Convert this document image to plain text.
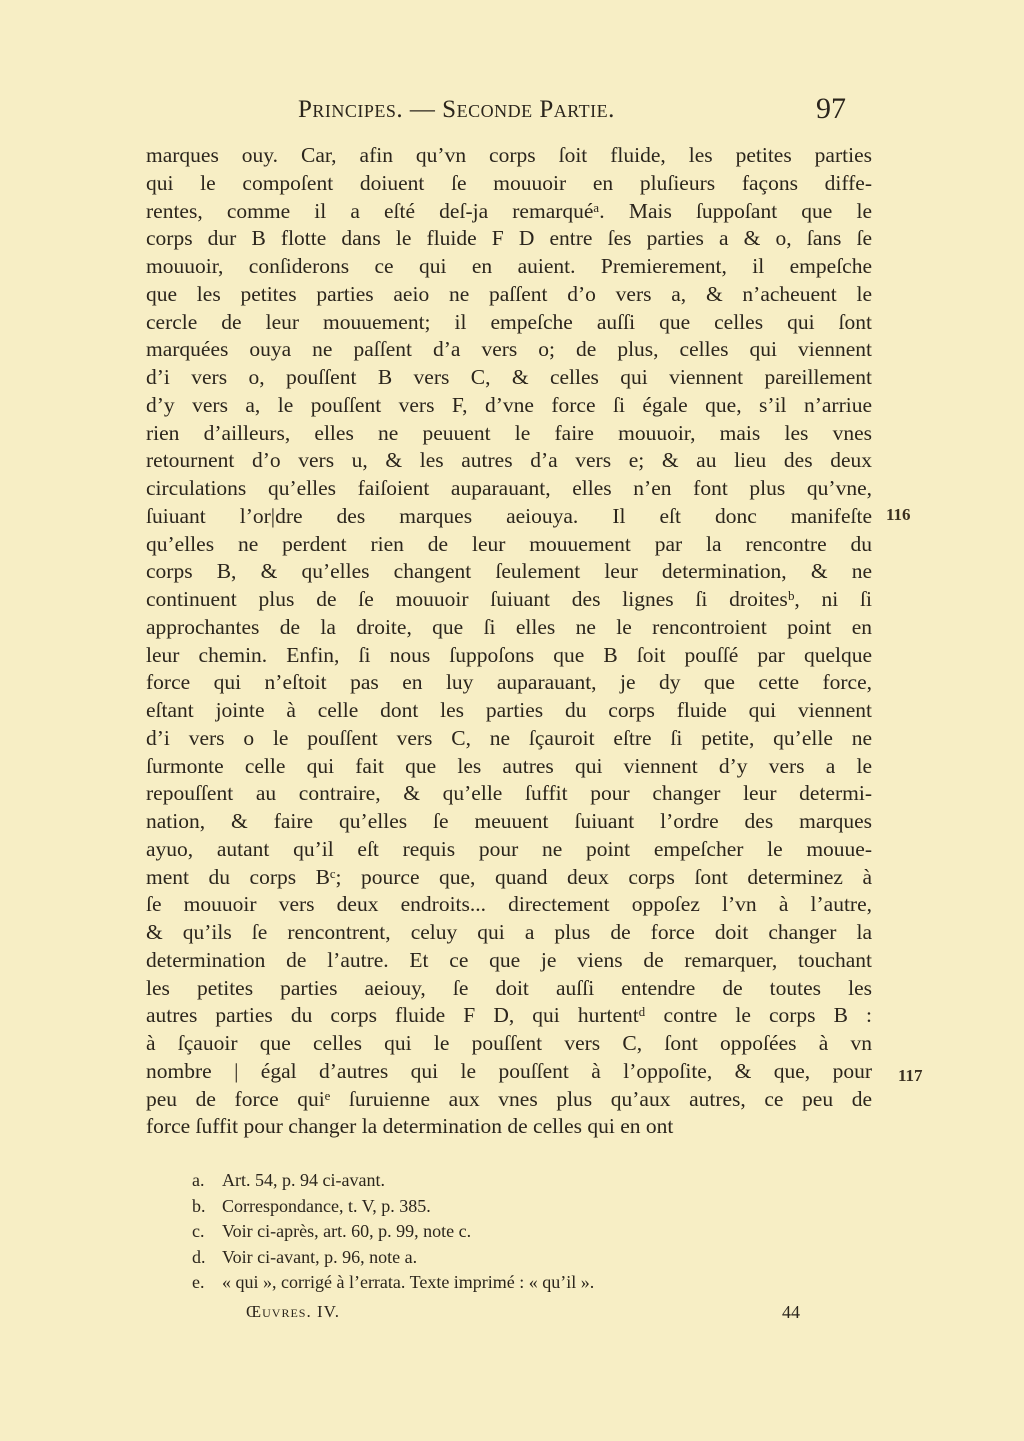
Principes. — Seconde Partie.	97
marques ouy. Car, afin qu’vn corps ſoit fluide, les petites parties
qui le compoſent doiuent ſe mouuoir en pluſieurs façons diffe-
rentes, comme il a eſté deſ-ja remarquéᵃ. Mais ſuppoſant que le
corps dur B flotte dans le fluide F D entre ſes parties a & o, ſans ſe
mouuoir, conſiderons ce qui en auient. Premierement, il empeſche
que les petites parties aeio ne paſſent d’o vers a, & n’acheuent le
cercle de leur mouuement; il empeſche auſſi que celles qui ſont
marquées ouya ne paſſent d’a vers o; de plus, celles qui viennent
d’i vers o, pouſſent B vers C, & celles qui viennent pareillement
d’y vers a, le pouſſent vers F, d’vne force ſi égale que, s’il n’arriue
rien d’ailleurs, elles ne peuuent le faire mouuoir, mais les vnes
retournent d’o vers u, & les autres d’a vers e; & au lieu des deux
circulations qu’elles faiſoient auparauant, elles n’en font plus qu’vne,
ſuiuant l’or|dre des marques aeiouya. Il eſt donc manifeſte
qu’elles ne perdent rien de leur mouuement par la rencontre du
corps B, & qu’elles changent ſeulement leur determination, & ne
continuent plus de ſe mouuoir ſuiuant des lignes ſi droitesᵇ, ni ſi
approchantes de la droite, que ſi elles ne le rencontroient point en
leur chemin. Enfin, ſi nous ſuppoſons que B ſoit pouſſé par quelque
force qui n’eſtoit pas en luy auparauant, je dy que cette force,
eſtant jointe à celle dont les parties du corps fluide qui viennent
d’i vers o le pouſſent vers C, ne ſçauroit eſtre ſi petite, qu’elle ne
ſurmonte celle qui fait que les autres qui viennent d’y vers a le
repouſſent au contraire, & qu’elle ſuffit pour changer leur determi-
nation, & faire qu’elles ſe meuuent ſuiuant l’ordre des marques
ayuo, autant qu’il eſt requis pour ne point empeſcher le mouue-
ment du corps Bᶜ; pource que, quand deux corps ſont determinez à
ſe mouuoir vers deux endroits... directement oppoſez l’vn à l’autre,
& qu’ils ſe rencontrent, celuy qui a plus de force doit changer la
determination de l’autre. Et ce que je viens de remarquer, touchant
les petites parties aeiouy, ſe doit auſſi entendre de toutes les
autres parties du corps fluide F D, qui hurtentᵈ contre le corps B :
à ſçauoir que celles qui le pouſſent vers C, ſont oppoſées à vn
nombre | égal d’autres qui le pouſſent à l’oppoſite, & que, pour
peu de force quiᵉ ſuruienne aux vnes plus qu’aux autres, ce peu de
force ſuffit pour changer la determination de celles qui en ont
116
117
a. Art. 54, p. 94 ci-avant.
b. Correspondance, t. V, p. 385.
c. Voir ci-après, art. 60, p. 99, note c.
d. Voir ci-avant, p. 96, note a.
e. « qui », corrigé à l’errata. Texte imprimé : « qu’il ».
Œuvres. IV.	44
